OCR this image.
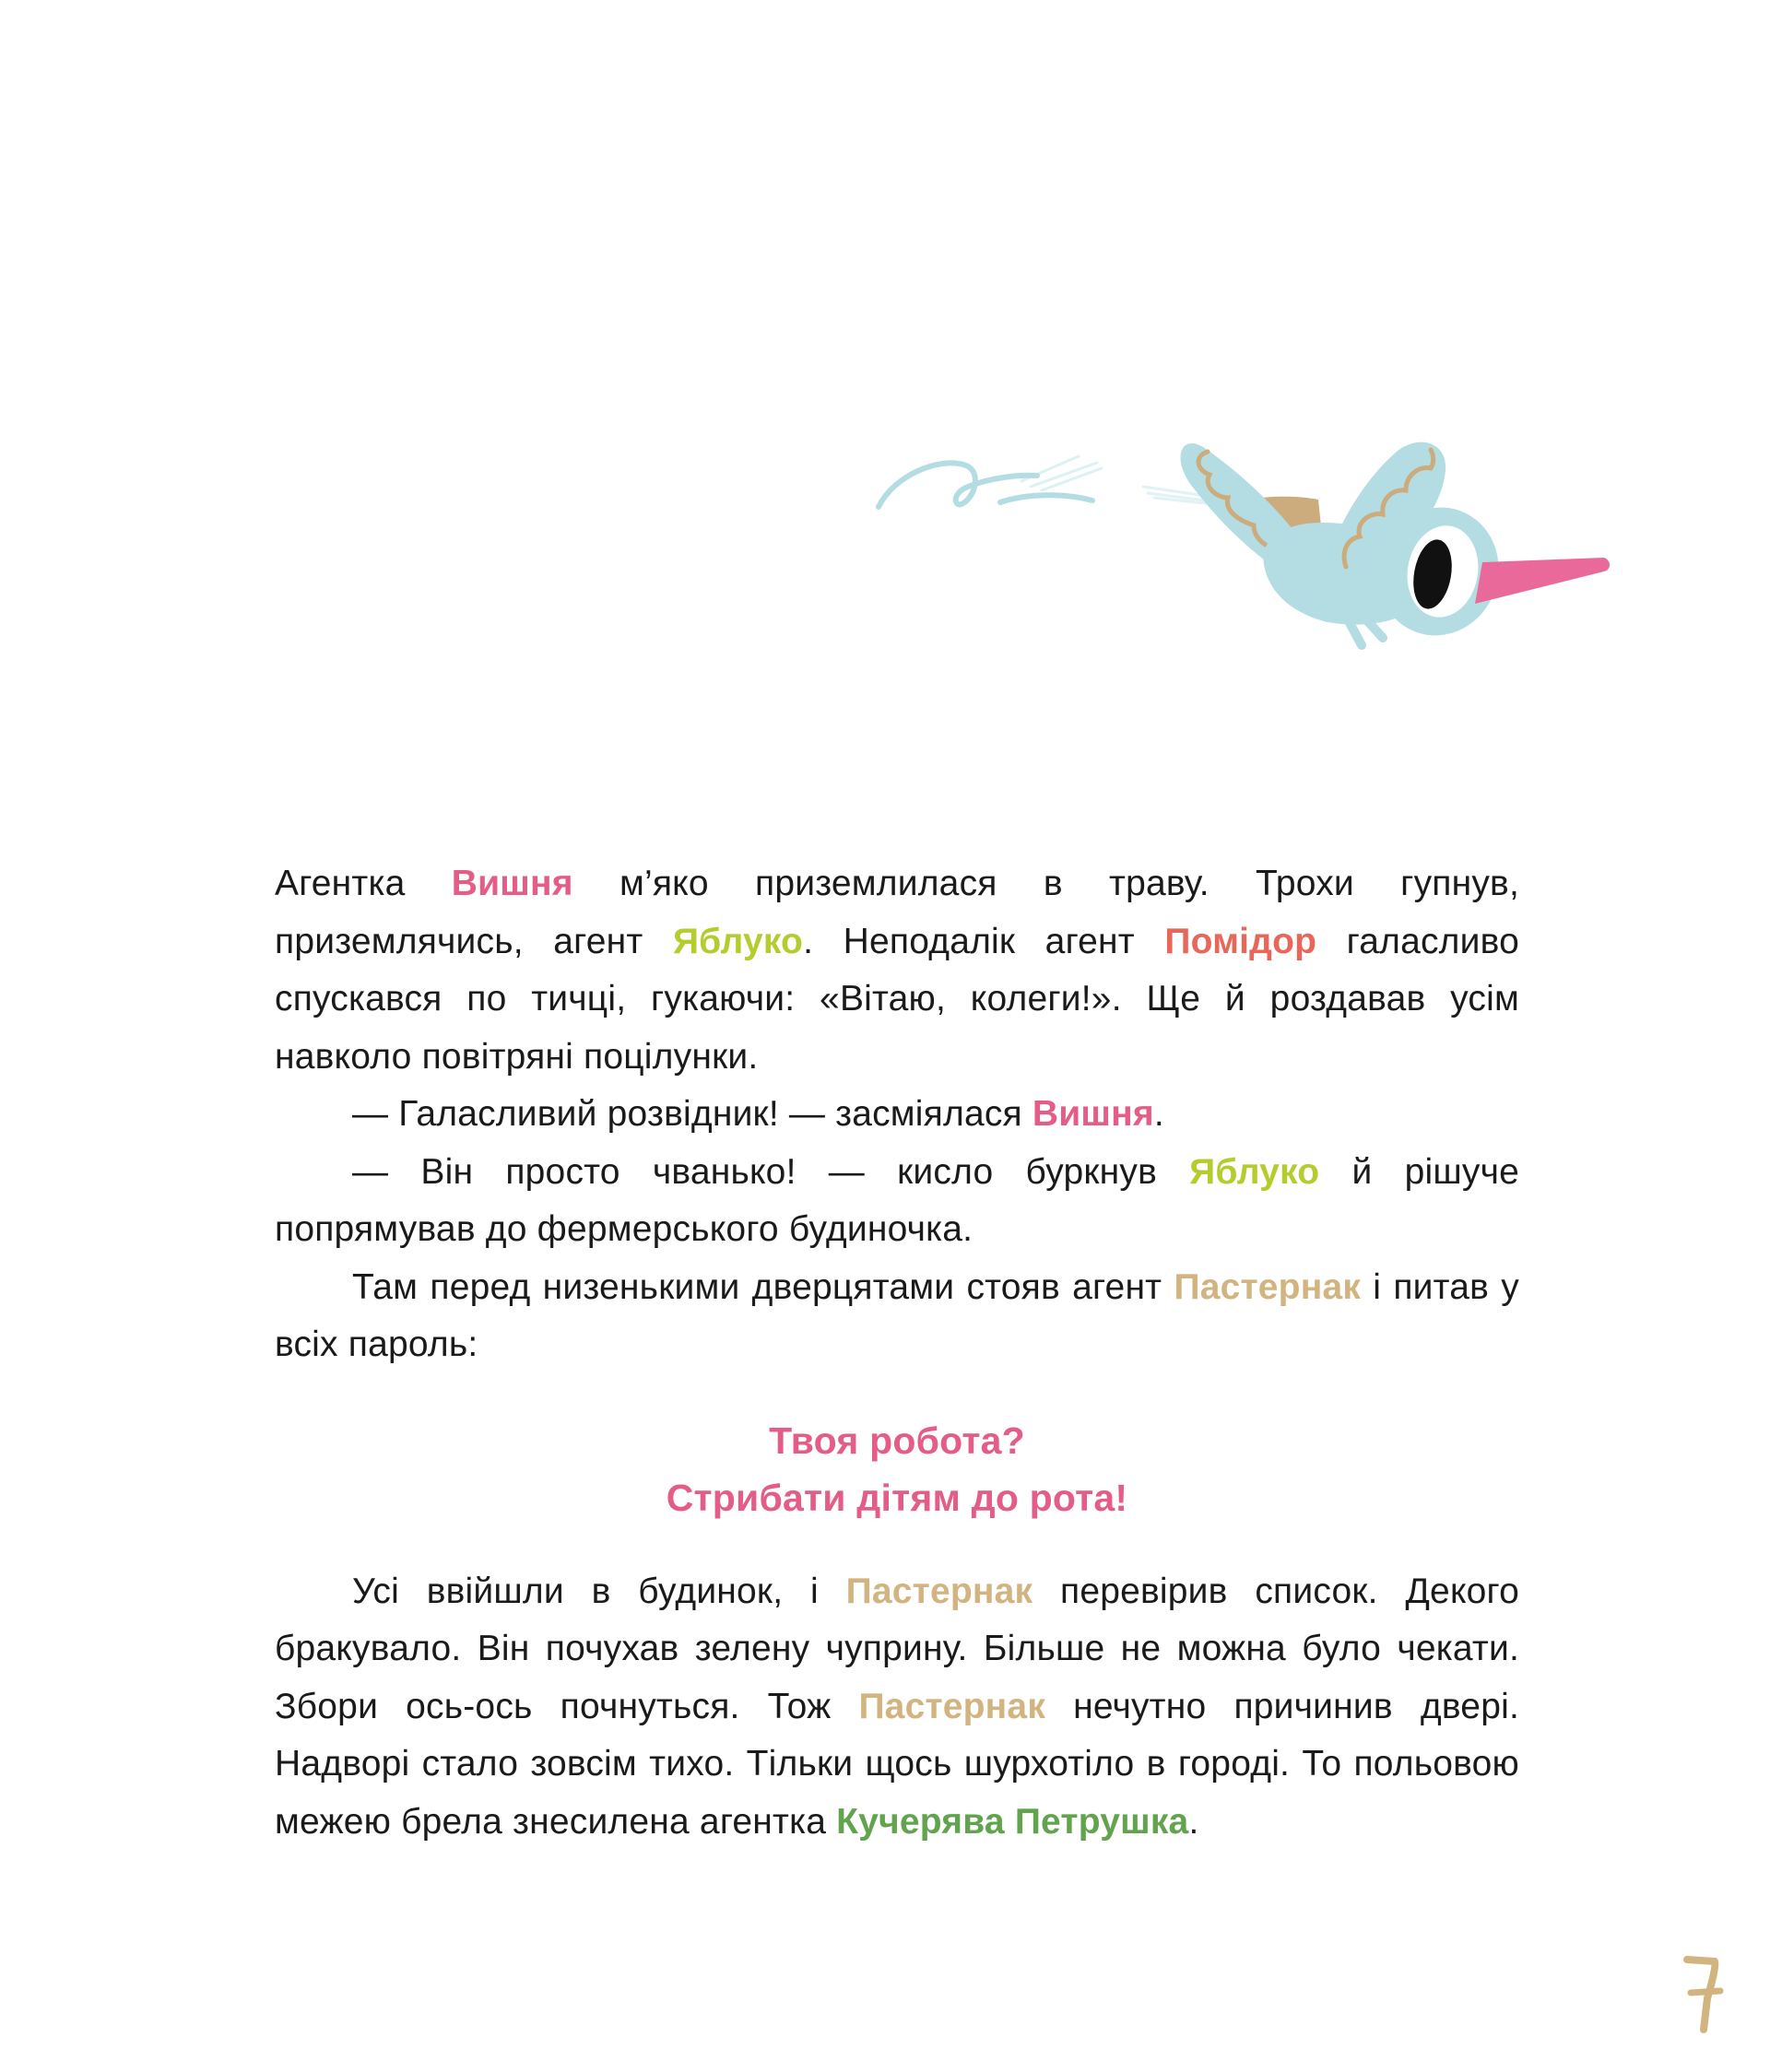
Агентка Вишня м’яко приземлилася в траву. Трохи гупнув, приземлячись, агент Яблуко. Неподалік агент Помідор галасливо спускався по тичці, гукаючи: «Вітаю, колеги!». Ще й роздавав усім навколо повітряні поцілунки.

— Галасливий розвідник! — засміялася Вишня.

— Він просто чванько! — кисло буркнув Яблуко й рішуче попрямував до фермерського будиночка.

Там перед низенькими дверцятами стояв агент Пастернак і питав у всіх пароль:

Твоя робота?
Стрибати дітям до рота!

Усі ввійшли в будинок, і Пастернак перевірив список. Декого бракувало. Він почухав зелену чуприну. Більше не можна було чекати. Збори ось-ось почнуться. Тож Пастернак нечутно причинив двері. Надворі стало зовсім тихо. Тільки щось шурхотіло в городі. То польовою межею брела знесилена агентка Кучерява Петрушка.
